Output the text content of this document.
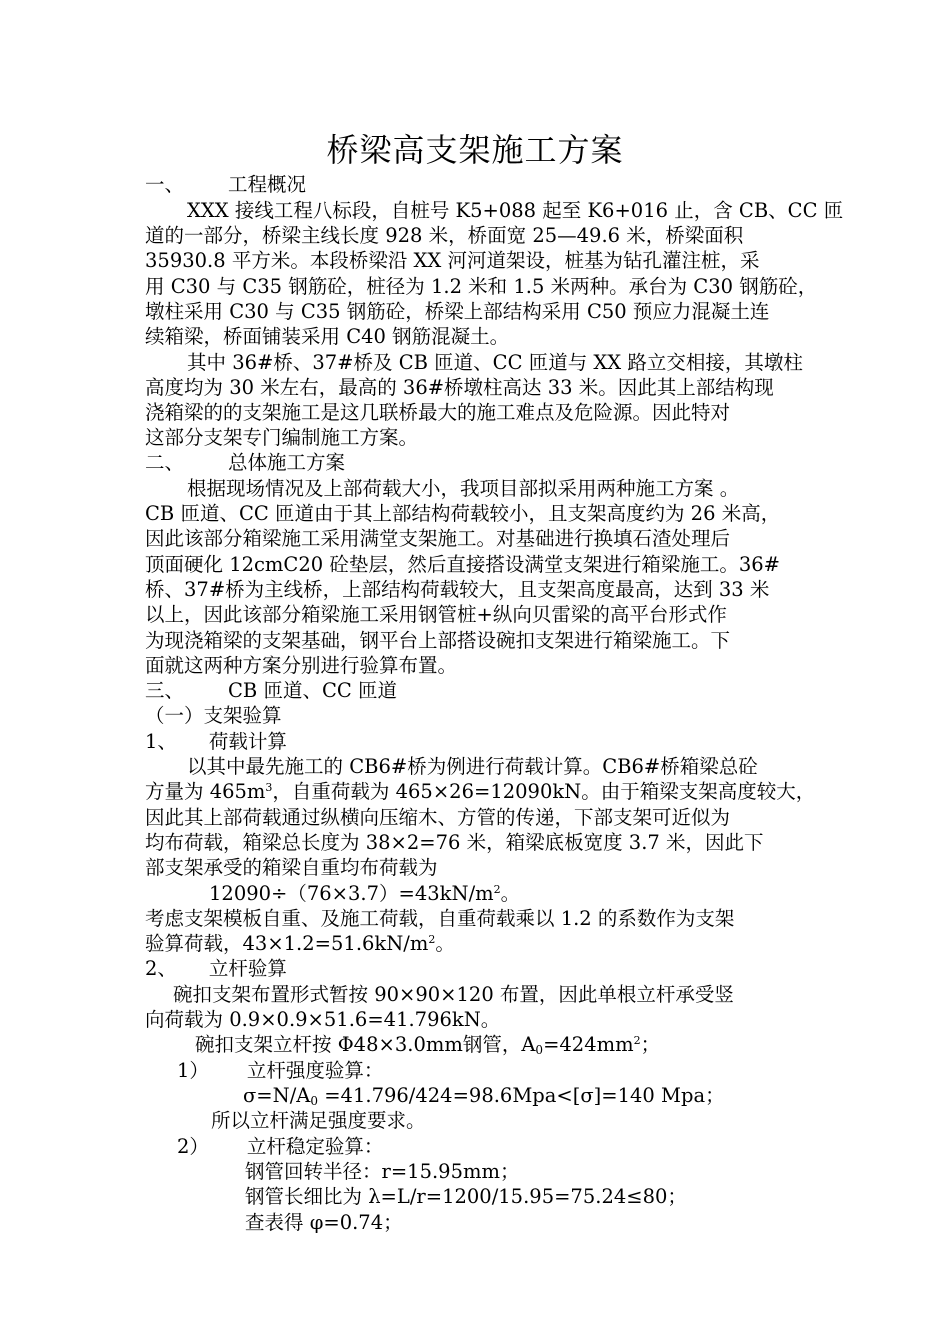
桥梁高支架施工方案
一、 工程概况
XXX 接线工程八标段，自桩号 K5+088 起至 K6+016 止，含 CB、CC 匝
道的一部分，桥梁主线长度 928 米，桥面宽 25—49.6 米，桥梁面积
35930.8 平方米。本段桥梁沿 XX 河河道架设，桩基为钻孔灌注桩，采
用 C30 与 C35 钢筋砼，桩径为 1.2 米和 1.5 米两种。承台为 C30 钢筋砼，
墩柱采用 C30 与 C35 钢筋砼，桥梁上部结构采用 C50 预应力混凝土连
续箱梁，桥面铺装采用 C40 钢筋混凝土。
其中 36#桥、37#桥及 CB 匝道、CC 匝道与 XX 路立交相接，其墩柱
高度均为 30 米左右，最高的 36#桥墩柱高达 33 米。因此其上部结构现
浇箱梁的的支架施工是这几联桥最大的施工难点及危险源。因此特对
这部分支架专门编制施工方案。
二、 总体施工方案
根据现场情况及上部荷载大小，我项目部拟采用两种施工方案 。
CB 匝道、CC 匝道由于其上部结构荷载较小，且支架高度约为 26 米高，
因此该部分箱梁施工采用满堂支架施工。对基础进行换填石渣处理后
顶面硬化 12cmC20 砼垫层，然后直接搭设满堂支架进行箱梁施工。36#
桥、37#桥为主线桥，上部结构荷载较大，且支架高度最高，达到 33 米
以上，因此该部分箱梁施工采用钢管桩+纵向贝雷梁的高平台形式作
为现浇箱梁的支架基础，钢平台上部搭设碗扣支架进行箱梁施工。下
面就这两种方案分别进行验算布置。
三、 CB 匝道、CC 匝道
（一）支架验算
1、 荷载计算
以其中最先施工的 CB6#桥为例进行荷载计算。CB6#桥箱梁总砼
方量为 $465m^3$，自重荷载为 465×26=12090kN。由于箱梁支架高度较大，
因此其上部荷载通过纵横向压缩木、方管的传递，下部支架可近似为
均布荷载，箱梁总长度为 38×2=76 米，箱梁底板宽度 3.7 米，因此下
部支架承受的箱梁自重均布荷载为
$12090\div(76\times 3.7)=43kN/m^2$。
考虑支架模板自重、及施工荷载，自重荷载乘以 1.2 的系数作为支架
验算荷载，$43\times 1.2=51.6kN/m^2$。
2、 立杆验算
碗扣支架布置形式暂按 90×90×120 布置，因此单根立杆承受竖
向荷载为 0.9×0.9×51.6=41.796kN。
碗扣支架立杆按 Φ48×3.0mm钢管，$A_0=424mm^2$；
1） 立杆强度验算：
$\sigma=N/A_0 =41.796/424=98.6Mpa<[\sigma]=140$ Mpa；
所以立杆满足强度要求。
2） 立杆稳定验算：
钢管回转半径：r=15.95mm；
钢管长细比为 λ=L/r=1200/15.95=75.24≤80；
查表得 φ=0.74；
